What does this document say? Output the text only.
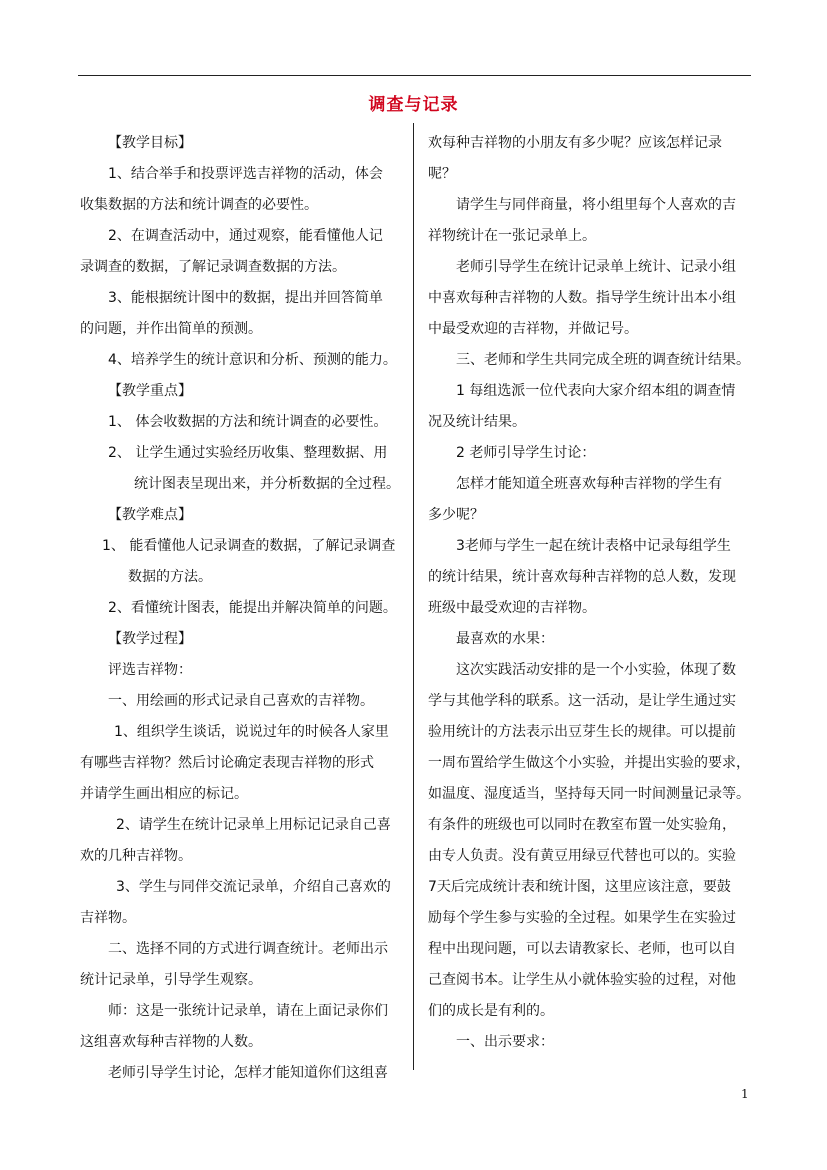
调查与记录

【教学目标】

1、结合举手和投票评选吉祥物的活动，体会

收集数据的方法和统计调查的必要性。

2、在调查活动中，通过观察，能看懂他人记

录调查的数据，了解记录调查数据的方法。

3、能根据统计图中的数据，提出并回答简单

的问题，并作出简单的预测。

4、培养学生的统计意识和分析、预测的能力。

【教学重点】

1、 体会收数据的方法和统计调查的必要性。

2、 让学生通过实验经历收集、整理数据、用

统计图表呈现出来，并分析数据的全过程。

【教学难点】

1、 能看懂他人记录调查的数据，了解记录调查

数据的方法。

2、看懂统计图表，能提出并解决简单的问题。

【教学过程】

评选吉祥物：

一、用绘画的形式记录自己喜欢的吉祥物。

1、组织学生谈话，说说过年的时候各人家里

有哪些吉祥物？然后讨论确定表现吉祥物的形式

并请学生画出相应的标记。

2、请学生在统计记录单上用标记记录自己喜

欢的几种吉祥物。

3、学生与同伴交流记录单，介绍自己喜欢的

吉祥物。

二、选择不同的方式进行调查统计。老师出示

统计记录单，引导学生观察。

师：这是一张统计记录单，请在上面记录你们

这组喜欢每种吉祥物的人数。

老师引导学生讨论，怎样才能知道你们这组喜

欢每种吉祥物的小朋友有多少呢？应该怎样记录

呢？

请学生与同伴商量，将小组里每个人喜欢的吉

祥物统计在一张记录单上。

老师引导学生在统计记录单上统计、记录小组

中喜欢每种吉祥物的人数。指导学生统计出本小组

中最受欢迎的吉祥物，并做记号。

三、老师和学生共同完成全班的调查统计结果。

1 每组选派一位代表向大家介绍本组的调查情

况及统计结果。

2 老师引导学生讨论：

怎样才能知道全班喜欢每种吉祥物的学生有

多少呢？

3老师与学生一起在统计表格中记录每组学生

的统计结果，统计喜欢每种吉祥物的总人数，发现

班级中最受欢迎的吉祥物。

最喜欢的水果：

这次实践活动安排的是一个小实验，体现了数

学与其他学科的联系。这一活动，是让学生通过实

验用统计的方法表示出豆芽生长的规律。可以提前

一周布置给学生做这个小实验，并提出实验的要求，

如温度、湿度适当，坚持每天同一时间测量记录等。

有条件的班级也可以同时在教室布置一处实验角，

由专人负责。没有黄豆用绿豆代替也可以的。实验

7天后完成统计表和统计图，这里应该注意，要鼓

励每个学生参与实验的全过程。如果学生在实验过

程中出现问题，可以去请教家长、老师，也可以自

己查阅书本。让学生从小就体验实验的过程，对他

们的成长是有利的。

一、出示要求：

1
